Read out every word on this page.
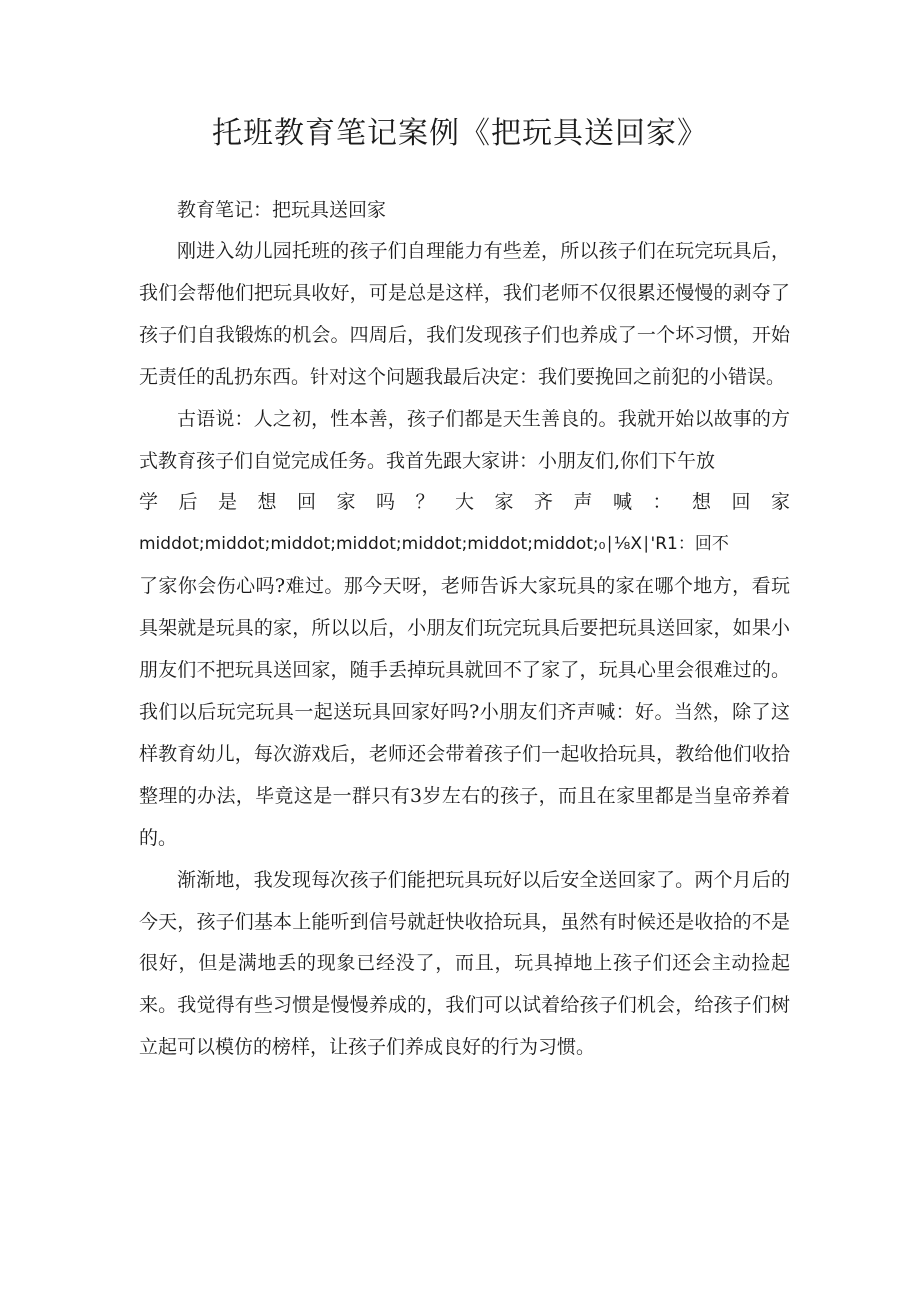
托班教育笔记案例《把玩具送回家》

教育笔记：把玩具送回家

刚进入幼儿园托班的孩子们自理能力有些差，所以孩子们在玩完玩具后，我们会帮他们把玩具收好，可是总是这样，我们老师不仅很累还慢慢的剥夺了孩子们自我锻炼的机会。四周后，我们发现孩子们也养成了一个坏习惯，开始无责任的乱扔东西。针对这个问题我最后决定：我们要挽回之前犯的小错误。

古语说：人之初，性本善，孩子们都是天生善良的。我就开始以故事的方式教育孩子们自觉完成任务。我首先跟大家讲：小朋友们,你们下午放
学后是想回家吗？大家齐声喊：想回家
middot;middot;middot;middot;middot;middot;middot;₀∣⅛X∣'R1：回不
了家你会伤心吗?难过。那今天呀，老师告诉大家玩具的家在哪个地方，看玩具架就是玩具的家，所以以后，小朋友们玩完玩具后要把玩具送回家，如果小朋友们不把玩具送回家，随手丢掉玩具就回不了家了，玩具心里会很难过的。我们以后玩完玩具一起送玩具回家好吗?小朋友们齐声喊：好。当然，除了这样教育幼儿，每次游戏后，老师还会带着孩子们一起收拾玩具，教给他们收拾整理的办法，毕竟这是一群只有3岁左右的孩子，而且在家里都是当皇帝养着的。

渐渐地，我发现每次孩子们能把玩具玩好以后安全送回家了。两个月后的今天，孩子们基本上能听到信号就赶快收拾玩具，虽然有时候还是收拾的不是很好，但是满地丢的现象已经没了，而且，玩具掉地上孩子们还会主动捡起来。我觉得有些习惯是慢慢养成的，我们可以试着给孩子们机会，给孩子们树立起可以模仿的榜样，让孩子们养成良好的行为习惯。
